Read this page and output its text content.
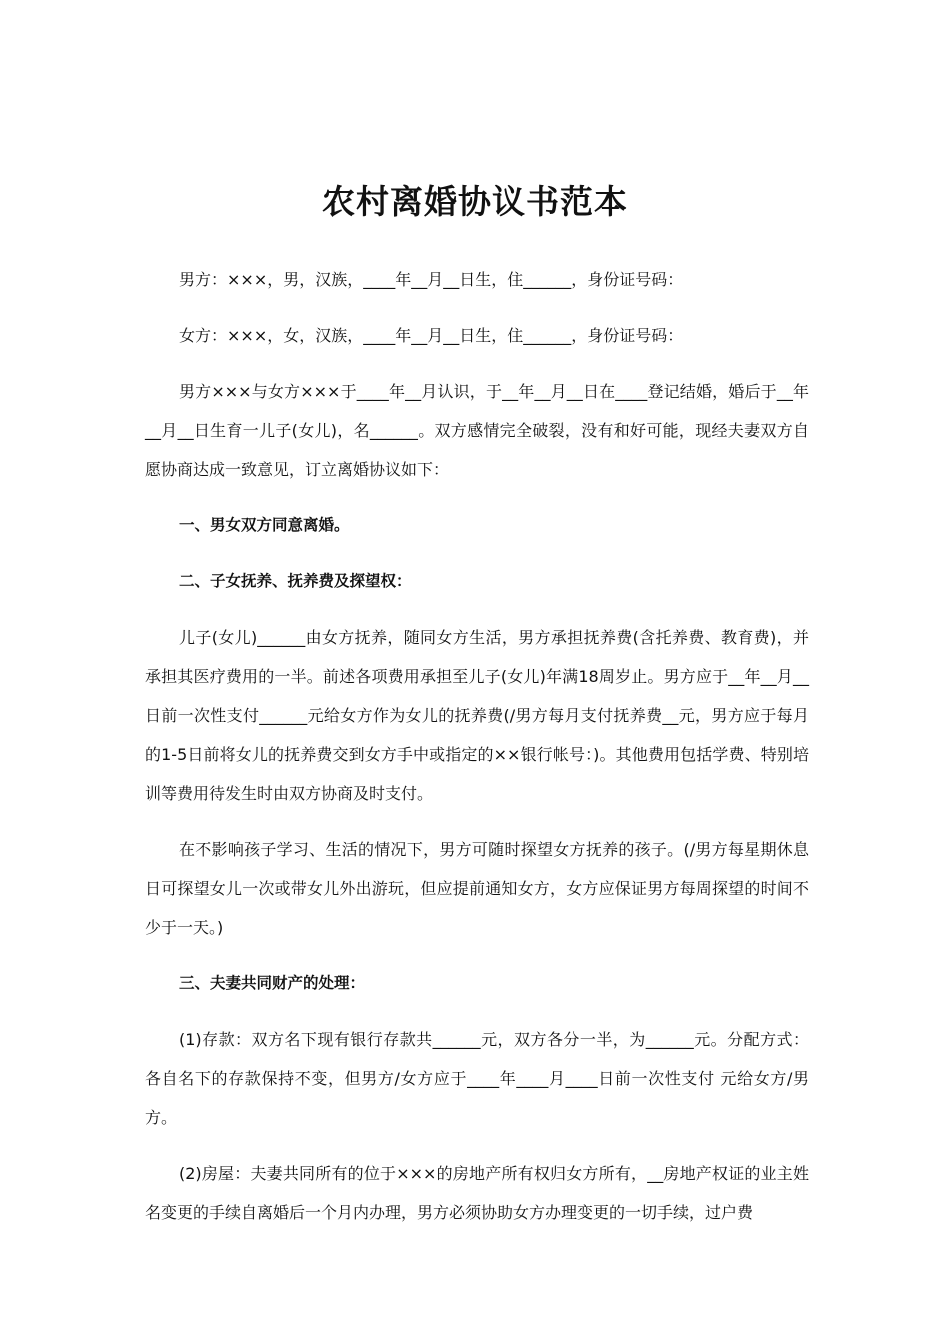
农村离婚协议书范本

男方：×××，男，汉族，____年__月__日生，住______，身份证号码：

女方：×××，女，汉族，____年__月__日生，住______，身份证号码：

男方×××与女方×××于____年__月认识，于__年__月__日在____登记结婚，婚后于__年__月__日生育一儿子(女儿)，名______。双方感情完全破裂，没有和好可能，现经夫妻双方自愿协商达成一致意见，订立离婚协议如下：

一、男女双方同意离婚。

二、子女抚养、抚养费及探望权：

儿子(女儿)______由女方抚养，随同女方生活，男方承担抚养费(含托养费、教育费)，并承担其医疗费用的一半。前述各项费用承担至儿子(女儿)年满18周岁止。男方应于__年__月__日前一次性支付______元给女方作为女儿的抚养费(/男方每月支付抚养费__元，男方应于每月的1-5日前将女儿的抚养费交到女方手中或指定的××银行帐号：)。其他费用包括学费、特别培训等费用待发生时由双方协商及时支付。

在不影响孩子学习、生活的情况下，男方可随时探望女方抚养的孩子。(/男方每星期休息日可探望女儿一次或带女儿外出游玩，但应提前通知女方，女方应保证男方每周探望的时间不少于一天。)

三、夫妻共同财产的处理：

(1)存款：双方名下现有银行存款共______元，双方各分一半，为______元。分配方式：各自名下的存款保持不变，但男方/女方应于____年____月____日前一次性支付 元给女方/男方。

(2)房屋：夫妻共同所有的位于×××的房地产所有权归女方所有，__房地产权证的业主姓名变更的手续自离婚后一个月内办理，男方必须协助女方办理变更的一切手续，过户费
